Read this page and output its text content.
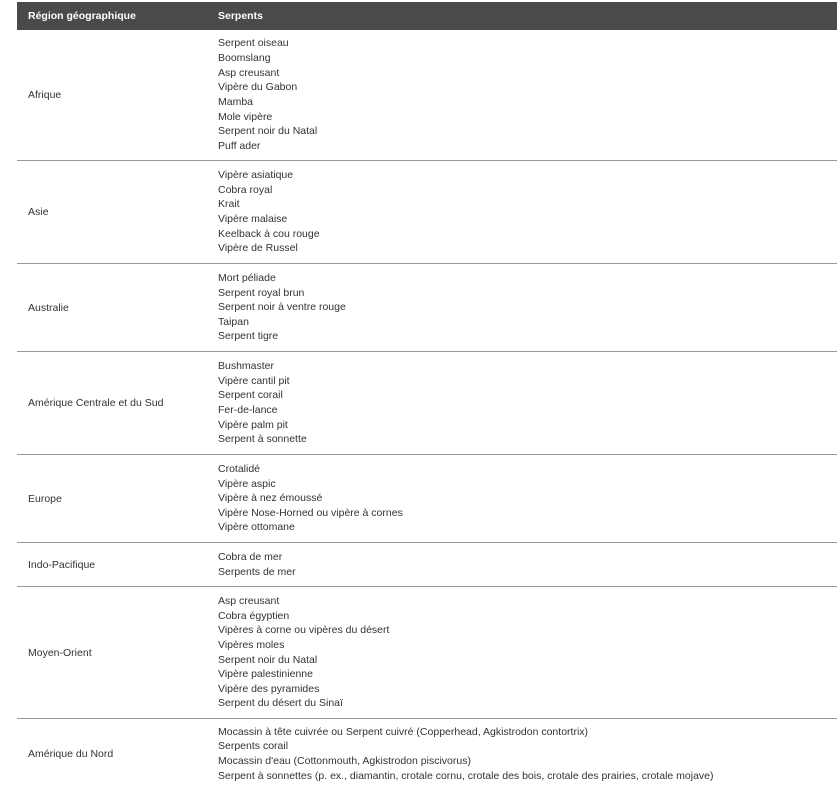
Région géographique	Serpents
Afrique
Serpent oiseau
Boomslang
Asp creusant
Vipère du Gabon
Mamba
Mole vipère
Serpent noir du Natal
Puff ader
Asie
Vipère asiatique
Cobra royal
Krait
Vipère malaise
Keelback à cou rouge
Vipère de Russel
Australie
Mort péliade
Serpent royal brun
Serpent noir à ventre rouge
Taipan
Serpent tigre
Amérique Centrale et du Sud
Bushmaster
Vipère cantil pit
Serpent corail
Fer-de-lance
Vipère palm pit
Serpent à sonnette
Europe
Crotalidé
Vipère aspic
Vipère à nez émoussé
Vipère Nose-Horned ou vipère à cornes
Vipère ottomane
Indo-Pacifique
Cobra de mer
Serpents de mer
Moyen-Orient
Asp creusant
Cobra égyptien
Vipères à corne ou vipères du désert
Vipères moles
Serpent noir du Natal
Vipère palestinienne
Vipère des pyramides
Serpent du désert du Sinaï
Amérique du Nord
Mocassin à tête cuivrée ou Serpent cuivré (Copperhead, Agkistrodon contortrix)
Serpents corail
Mocassin d'eau (Cottonmouth, Agkistrodon piscivorus)
Serpent à sonnettes (p. ex., diamantin, crotale cornu, crotale des bois, crotale des prairies, crotale mojave)
